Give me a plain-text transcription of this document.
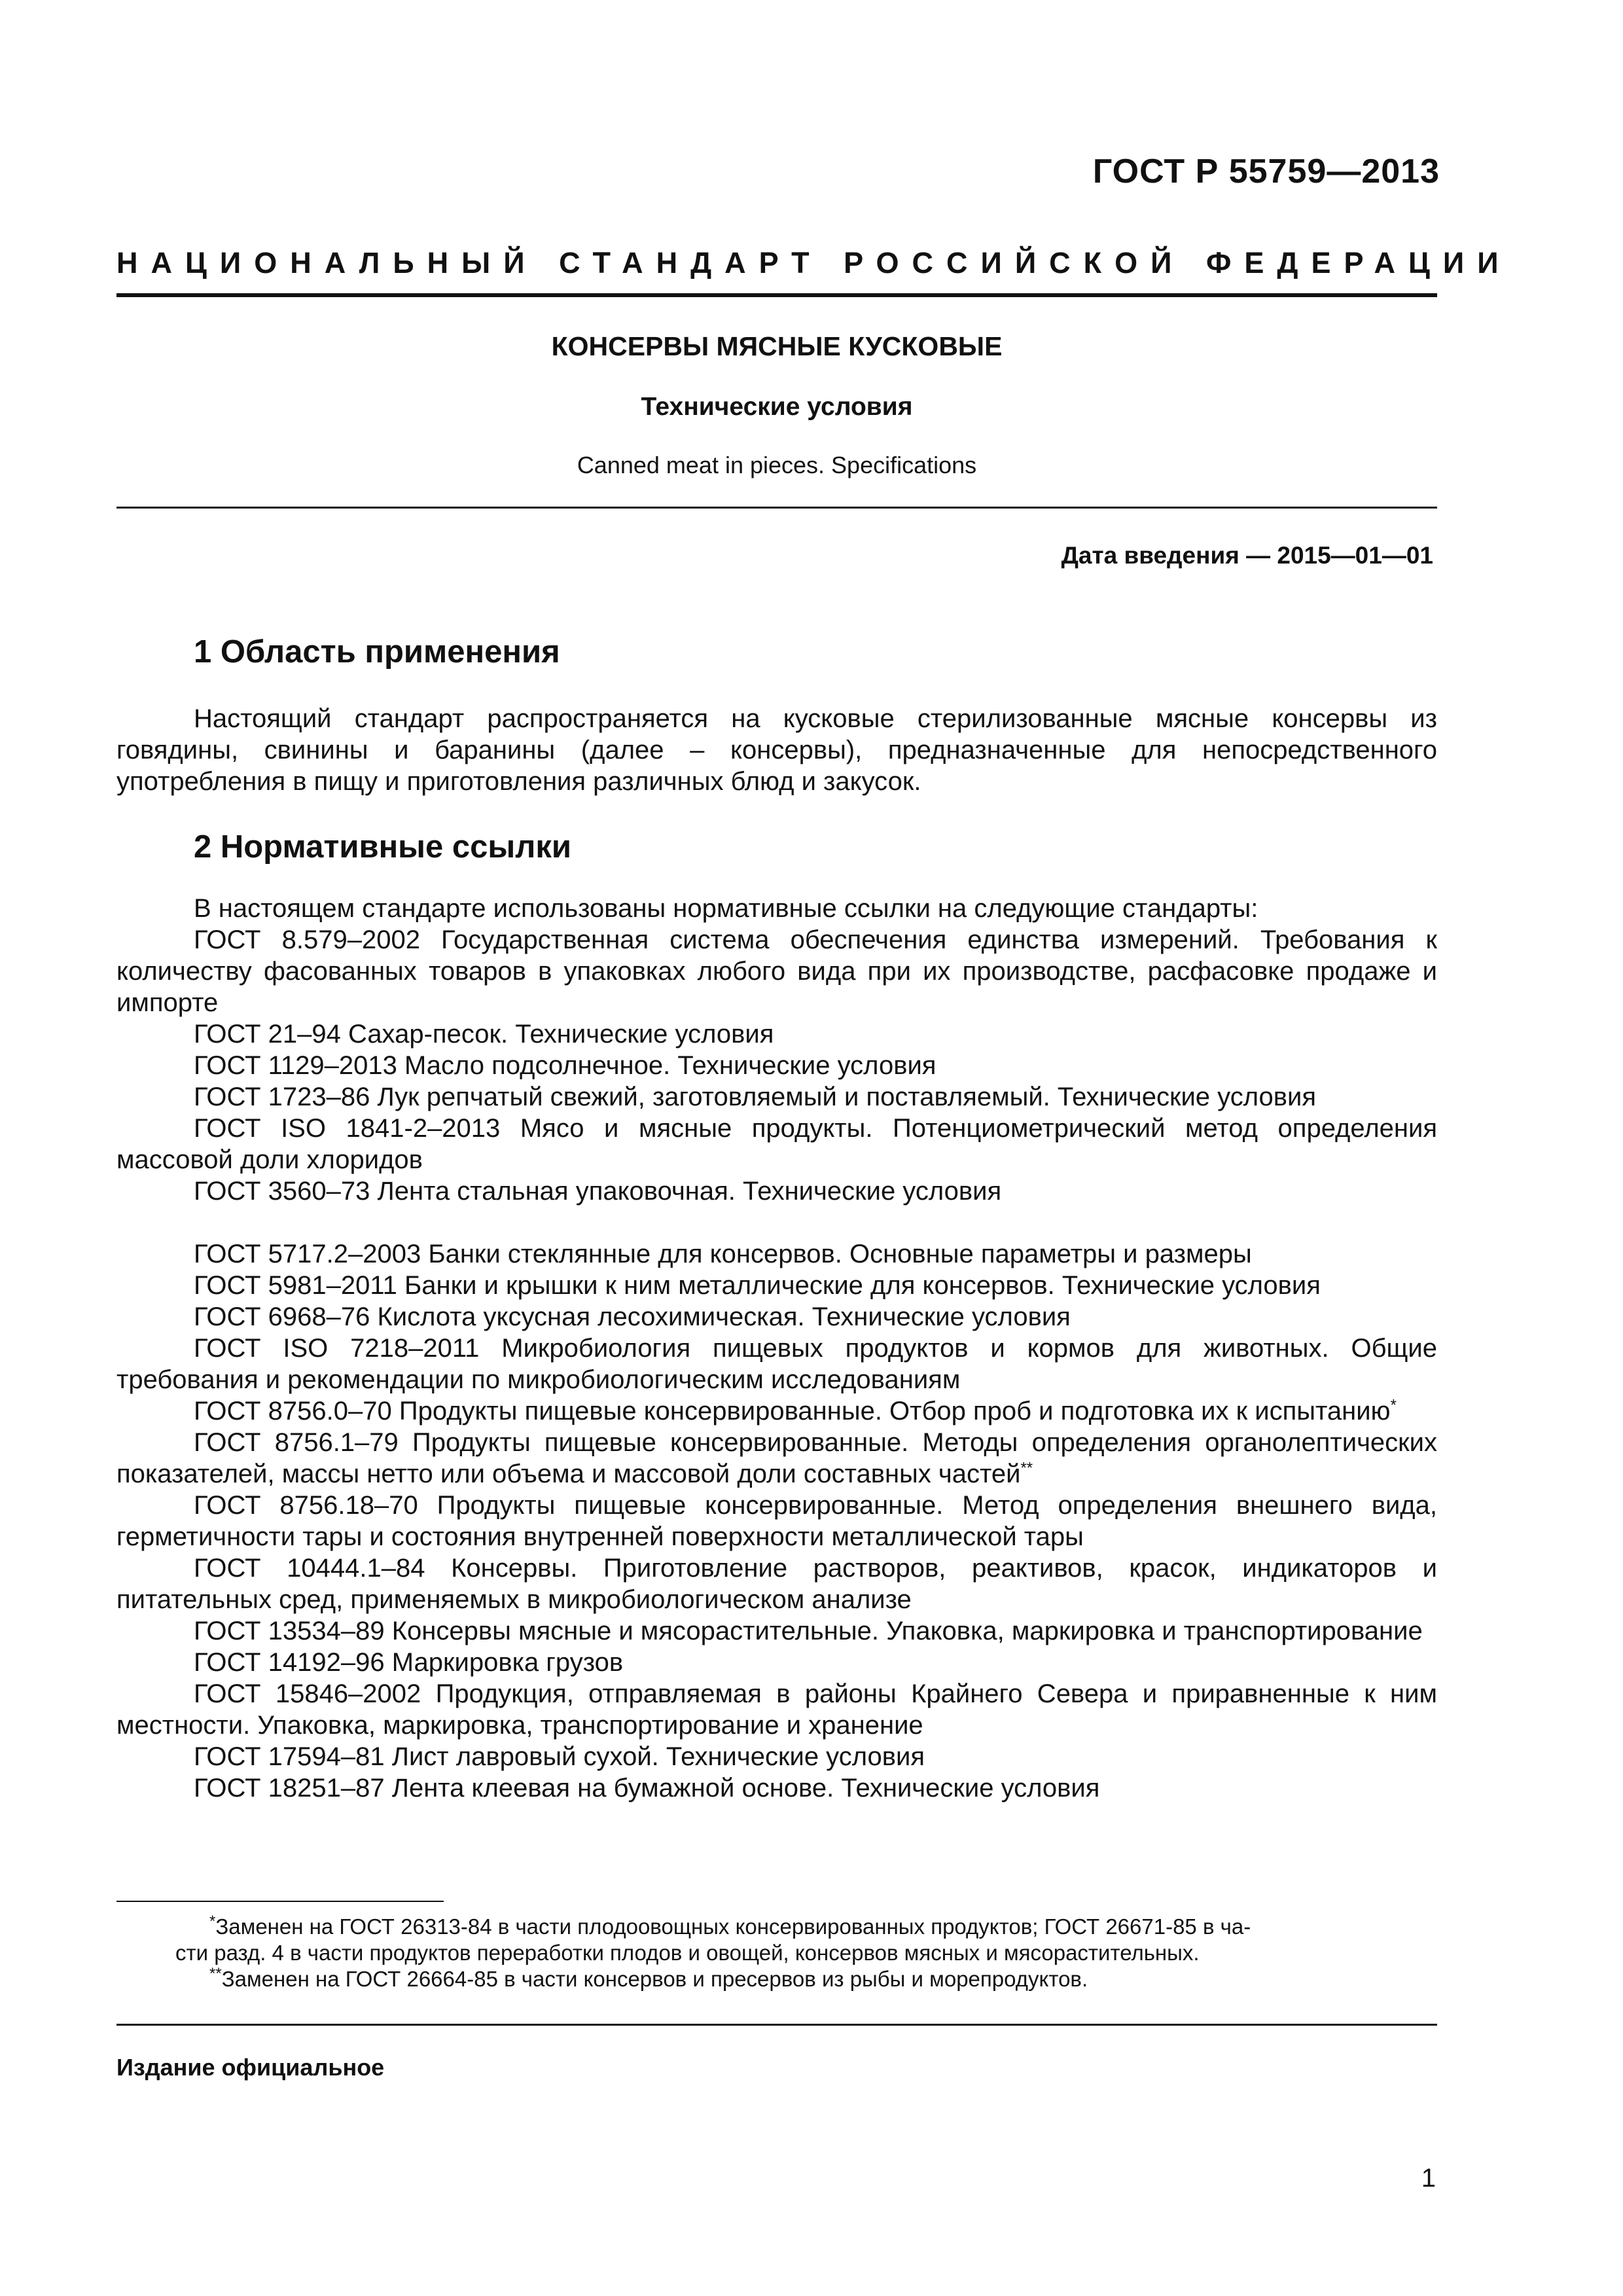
ГОСТ Р 55759—2013
НАЦИОНАЛЬНЫЙ СТАНДАРТ РОССИЙСКОЙ ФЕДЕРАЦИИ
КОНСЕРВЫ МЯСНЫЕ КУСКОВЫЕ
Технические условия
Canned meat in pieces. Specifications
Дата введения — 2015—01—01
1 Область применения

Настоящий стандарт распространяется на кусковые стерилизованные мясные консервы из говядины, свинины и баранины (далее – консервы), предназначенные для непосредственного употребления в пищу и приготовления различных блюд и закусок.

2 Нормативные ссылки

В настоящем стандарте использованы нормативные ссылки на следующие стандарты:

ГОСТ 8.579–2002 Государственная система обеспечения единства измерений. Требования к количеству фасованных товаров в упаковках любого вида при их производстве, расфасовке продаже и импорте

ГОСТ 21–94 Сахар-песок. Технические условия

ГОСТ 1129–2013 Масло подсолнечное. Технические условия

ГОСТ 1723–86 Лук репчатый свежий, заготовляемый и поставляемый. Технические условия

ГОСТ ISO 1841-2–2013 Мясо и мясные продукты. Потенциометрический метод определения массовой доли хлоридов

ГОСТ 3560–73 Лента стальная упаковочная. Технические условия

ГОСТ 5717.2–2003 Банки стеклянные для консервов. Основные параметры и размеры

ГОСТ 5981–2011 Банки и крышки к ним металлические для консервов. Технические условия

ГОСТ 6968–76 Кислота уксусная лесохимическая. Технические условия

ГОСТ ISO 7218–2011 Микробиология пищевых продуктов и кормов для животных. Общие требования и рекомендации по микробиологическим исследованиям

ГОСТ 8756.0–70 Продукты пищевые консервированные. Отбор проб и подготовка их к испытанию*

ГОСТ 8756.1–79 Продукты пищевые консервированные. Методы определения органолептических показателей, массы нетто или объема и массовой доли составных частей**

ГОСТ 8756.18–70 Продукты пищевые консервированные. Метод определения внешнего вида, герметичности тары и состояния внутренней поверхности металлической тары

ГОСТ 10444.1–84 Консервы. Приготовление растворов, реактивов, красок, индикаторов и питательных сред, применяемых в микробиологическом анализе

ГОСТ 13534–89 Консервы мясные и мясорастительные. Упаковка, маркировка и транспортирование

ГОСТ 14192–96 Маркировка грузов

ГОСТ 15846–2002 Продукция, отправляемая в районы Крайнего Севера и приравненные к ним местности. Упаковка, маркировка, транспортирование и хранение

ГОСТ 17594–81 Лист лавровый сухой. Технические условия

ГОСТ 18251–87 Лента клеевая на бумажной основе. Технические условия

*Заменен на ГОСТ 26313-84 в части плодоовощных консервированных продуктов; ГОСТ 26671-85 в ча-

сти разд. 4 в части продуктов переработки плодов и овощей, консервов мясных и мясорастительных.

**Заменен на ГОСТ 26664-85 в части консервов и пресервов из рыбы и морепродуктов.

Издание официальное
1
